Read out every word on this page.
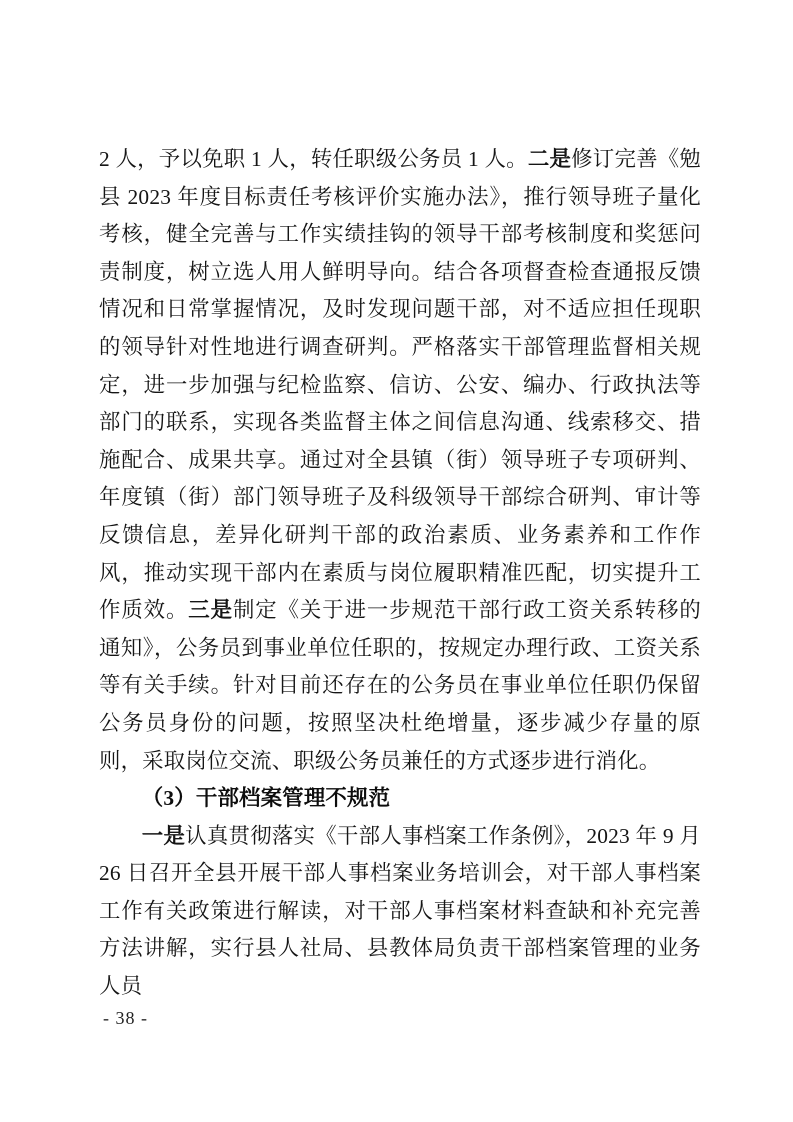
2 人，予以免职 1 人，转任职级公务员 1 人。二是修订完善《勉县 2023 年度目标责任考核评价实施办法》，推行领导班子量化考核，健全完善与工作实绩挂钩的领导干部考核制度和奖惩问责制度，树立选人用人鲜明导向。结合各项督查检查通报反馈情况和日常掌握情况，及时发现问题干部，对不适应担任现职的领导针对性地进行调查研判。严格落实干部管理监督相关规定，进一步加强与纪检监察、信访、公安、编办、行政执法等部门的联系，实现各类监督主体之间信息沟通、线索移交、措施配合、成果共享。通过对全县镇（街）领导班子专项研判、年度镇（街）部门领导班子及科级领导干部综合研判、审计等反馈信息，差异化研判干部的政治素质、业务素养和工作作风，推动实现干部内在素质与岗位履职精准匹配，切实提升工作质效。三是制定《关于进一步规范干部行政工资关系转移的通知》，公务员到事业单位任职的，按规定办理行政、工资关系等有关手续。针对目前还存在的公务员在事业单位任职仍保留公务员身份的问题，按照坚决杜绝增量，逐步减少存量的原则，采取岗位交流、职级公务员兼任的方式逐步进行消化。

（3）干部档案管理不规范

一是认真贯彻落实《干部人事档案工作条例》，2023 年 9 月 26 日召开全县开展干部人事档案业务培训会，对干部人事档案工作有关政策进行解读，对干部人事档案材料查缺和补充完善方法讲解，实行县人社局、县教体局负责干部档案管理的业务人员

- 38 -
